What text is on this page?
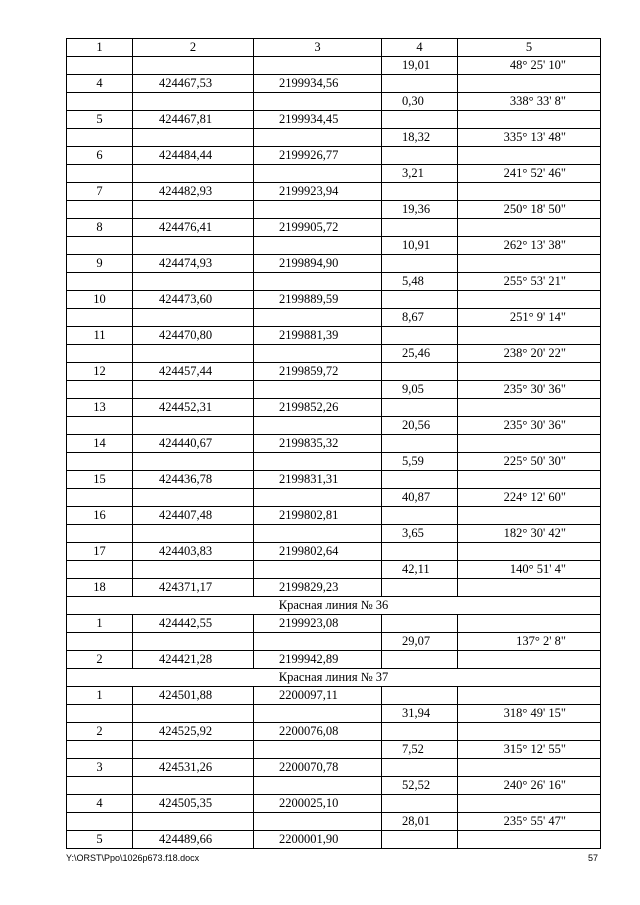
1	2	3	4	5
			19,01	48° 25' 10"
4	424467,53	2199934,56		
			0,30	338° 33' 8"
5	424467,81	2199934,45		
			18,32	335° 13' 48"
6	424484,44	2199926,77		
			3,21	241° 52' 46"
7	424482,93	2199923,94		
			19,36	250° 18' 50"
8	424476,41	2199905,72		
			10,91	262° 13' 38"
9	424474,93	2199894,90		
			5,48	255° 53' 21"
10	424473,60	2199889,59		
			8,67	251° 9' 14"
11	424470,80	2199881,39		
			25,46	238° 20' 22"
12	424457,44	2199859,72		
			9,05	235° 30' 36"
13	424452,31	2199852,26		
			20,56	235° 30' 36"
14	424440,67	2199835,32		
			5,59	225° 50' 30"
15	424436,78	2199831,31		
			40,87	224° 12' 60"
16	424407,48	2199802,81		
			3,65	182° 30' 42"
17	424403,83	2199802,64		
			42,11	140° 51' 4"
18	424371,17	2199829,23		
Красная линия № 36				
1	424442,55	2199923,08		
			29,07	137° 2' 8"
2	424421,28	2199942,89		
Красная линия № 37				
1	424501,88	2200097,11		
			31,94	318° 49' 15"
2	424525,92	2200076,08		
			7,52	315° 12' 55"
3	424531,26	2200070,78		
			52,52	240° 26' 16"
4	424505,35	2200025,10		
			28,01	235° 55' 47"
5	424489,66	2200001,90		
Y:\ORST\Ppo\1026p673.f18.docx	57
